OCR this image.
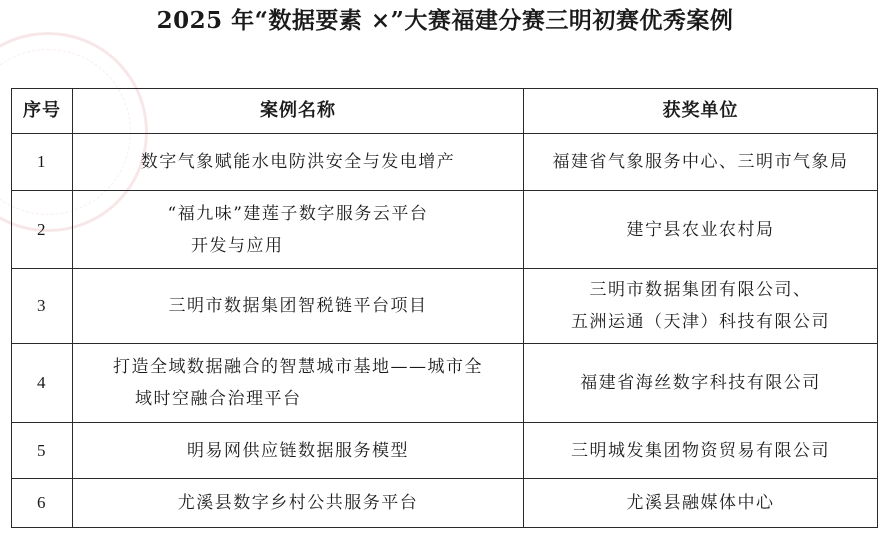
2025 年“数据要素 ×”大赛福建分赛三明初赛优秀案例
序号	案例名称	获奖单位
1	数字气象赋能水电防洪安全与发电增产	福建省气象服务中心、三明市气象局

2	“福九味”建莲子数字服务云平台
开发与应用	建宁县农业农村局

3	三明市数据集团智税链平台项目	三明市数据集团有限公司、
五洲运通（天津）科技有限公司

4	打造全域数据融合的智慧城市基地——城市全
域时空融合治理平台	福建省海丝数字科技有限公司

5	明易网供应链数据服务模型	三明城发集团物资贸易有限公司

6	尤溪县数字乡村公共服务平台	尤溪县融媒体中心
